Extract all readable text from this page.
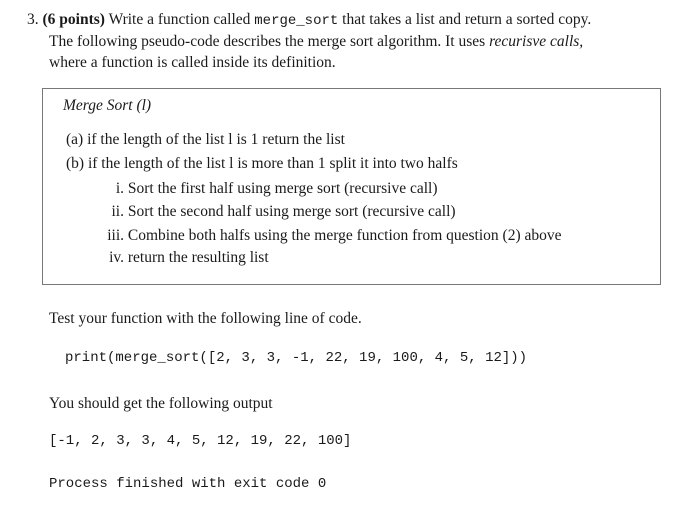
3. (6 points) Write a function called merge_sort that takes a list and return a sorted copy.
The following pseudo-code describes the merge sort algorithm. It uses recurisve calls,
where a function is called inside its definition.
Merge Sort (l)
(a) if the length of the list l is 1 return the list
(b) if the length of the list l is more than 1 split it into two halfs
i. Sort the first half using merge sort (recursive call)
ii. Sort the second half using merge sort (recursive call)
iii. Combine both halfs using the merge function from question (2) above
iv. return the resulting list
Test your function with the following line of code.
print(merge_sort([2, 3, 3, -1, 22, 19, 100, 4, 5, 12]))
You should get the following output
[-1, 2, 3, 3, 4, 5, 12, 19, 22, 100]
Process finished with exit code 0
